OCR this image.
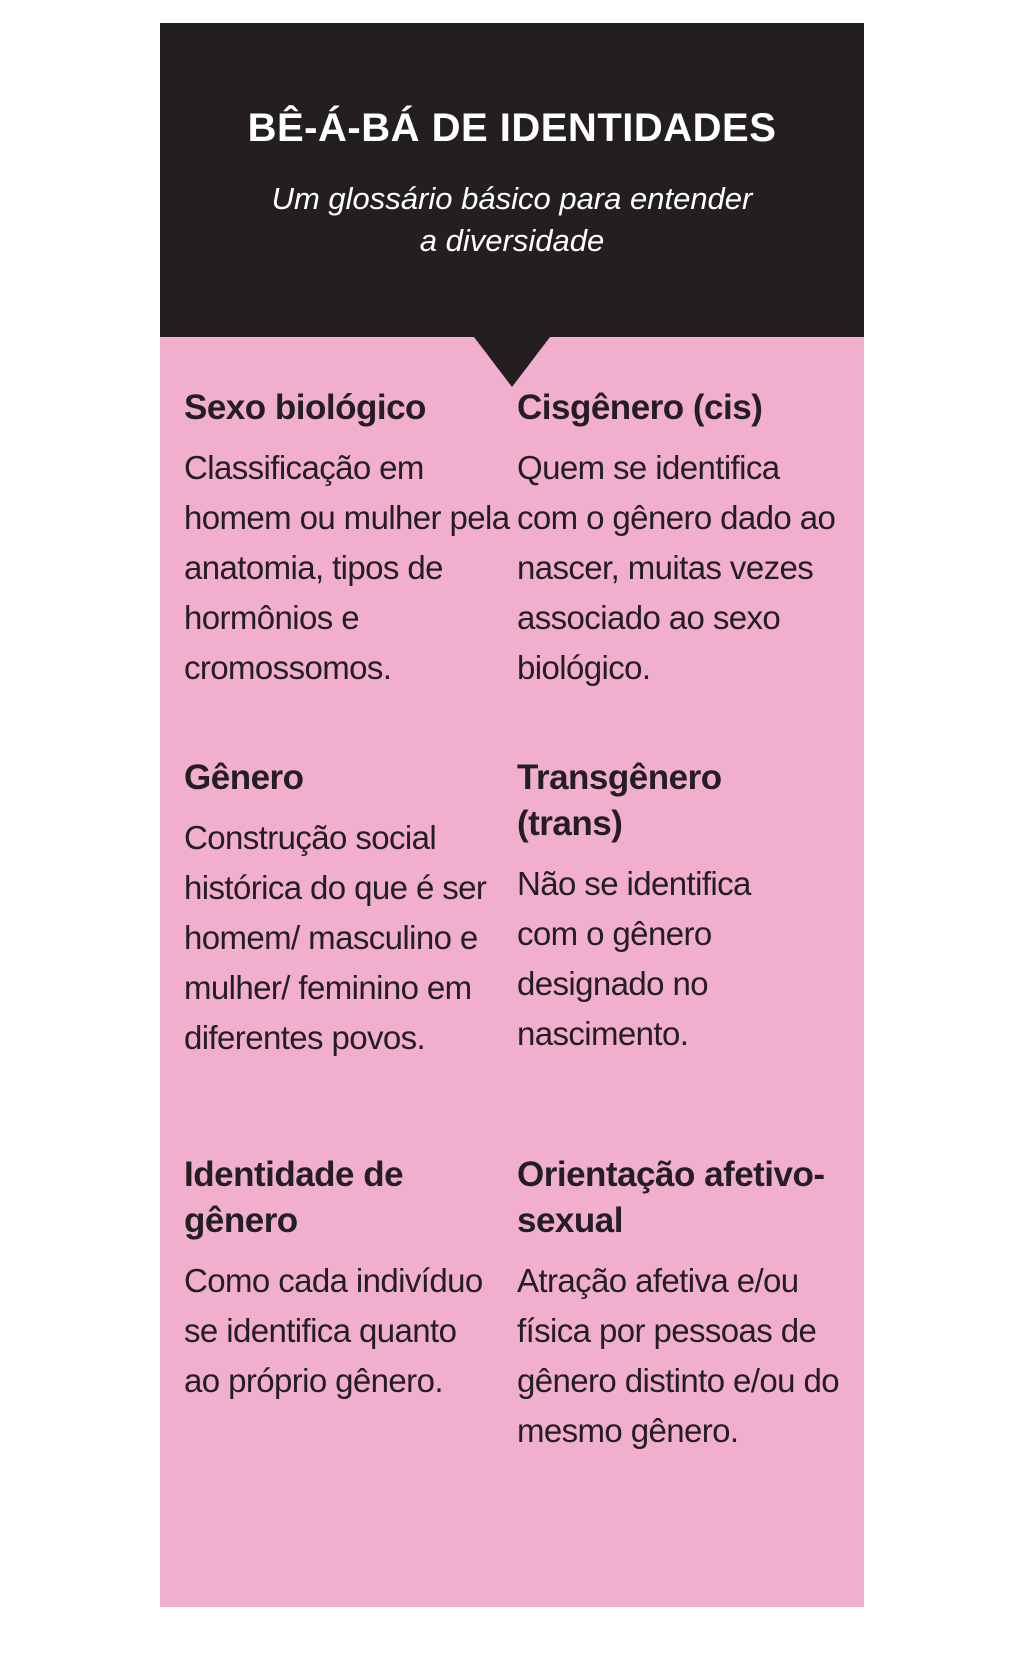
BÊ-Á-BÁ DE IDENTIDADES
Um glossário básico para entender
a diversidade
Sexo biológico
Classificação em homem ou mulher pela anatomia, tipos de hormônios e cromossomos.
Cisgênero (cis)
Quem se identifica com o gênero dado ao nascer, muitas vezes associado ao sexo biológico.
Gênero
Construção social histórica do que é ser homem/ masculino e mulher/ feminino em diferentes povos.
Transgênero (trans)
Não se identifica com o gênero designado no nascimento.
Identidade de gênero
Como cada indivíduo se identifica quanto ao próprio gênero.
Orientação afetivo-sexual
Atração afetiva e/ou física por pessoas de gênero distinto e/ou do mesmo gênero.
